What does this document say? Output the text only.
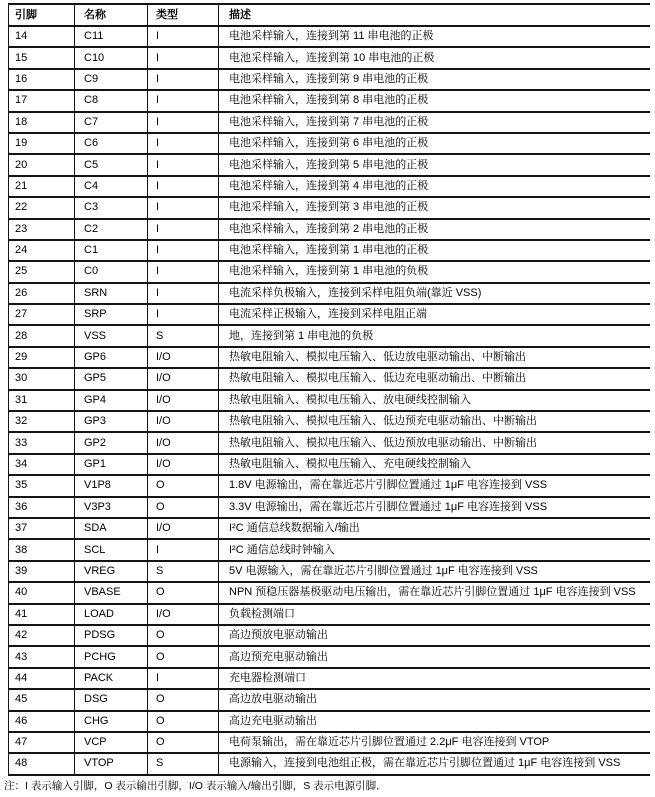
引脚	名称	类型	描述
14	C11	I	电池采样输入，连接到第 11 串电池的正极
15	C10	I	电池采样输入，连接到第 10 串电池的正极
16	C9	I	电池采样输入，连接到第 9 串电池的正极
17	C8	I	电池采样输入，连接到第 8 串电池的正极
18	C7	I	电池采样输入，连接到第 7 串电池的正极
19	C6	I	电池采样输入，连接到第 6 串电池的正极
20	C5	I	电池采样输入，连接到第 5 串电池的正极
21	C4	I	电池采样输入，连接到第 4 串电池的正极
22	C3	I	电池采样输入，连接到第 3 串电池的正极
23	C2	I	电池采样输入，连接到第 2 串电池的正极
24	C1	I	电池采样输入，连接到第 1 串电池的正极
25	C0	I	电池采样输入，连接到第 1 串电池的负极
26	SRN	I	电流采样负极输入，连接到采样电阻负端(靠近 VSS)
27	SRP	I	电流采样正极输入，连接到采样电阻正端
28	VSS	S	地，连接到第 1 串电池的负极
29	GP6	I/O	热敏电阻输入、模拟电压输入、低边放电驱动输出、中断输出
30	GP5	I/O	热敏电阻输入、模拟电压输入、低边充电驱动输出、中断输出
31	GP4	I/O	热敏电阻输入、模拟电压输入、放电硬线控制输入
32	GP3	I/O	热敏电阻输入、模拟电压输入、低边预充电驱动输出、中断输出
33	GP2	I/O	热敏电阻输入、模拟电压输入、低边预放电驱动输出、中断输出
34	GP1	I/O	热敏电阻输入、模拟电压输入、充电硬线控制输入
35	V1P8	O	1.8V 电源输出，需在靠近芯片引脚位置通过 1μF 电容连接到 VSS
36	V3P3	O	3.3V 电源输出，需在靠近芯片引脚位置通过 1μF 电容连接到 VSS
37	SDA	I/O	I²C 通信总线数据输入/输出
38	SCL	I	I²C 通信总线时钟输入
39	VREG	S	5V 电源输入，需在靠近芯片引脚位置通过 1μF 电容连接到 VSS
40	VBASE	O	NPN 预稳压器基极驱动电压输出，需在靠近芯片引脚位置通过 1μF 电容连接到 VSS
41	LOAD	I/O	负载检测端口
42	PDSG	O	高边预放电驱动输出
43	PCHG	O	高边预充电驱动输出
44	PACK	I	充电器检测端口
45	DSG	O	高边放电驱动输出
46	CHG	O	高边充电驱动输出
47	VCP	O	电荷泵输出，需在靠近芯片引脚位置通过 2.2μF 电容连接到 VTOP
48	VTOP	S	电源输入，连接到电池组正极，需在靠近芯片引脚位置通过 1μF 电容连接到 VSS
注：I 表示输入引脚，O 表示输出引脚，I/O 表示输入/输出引脚，S 表示电源引脚．
